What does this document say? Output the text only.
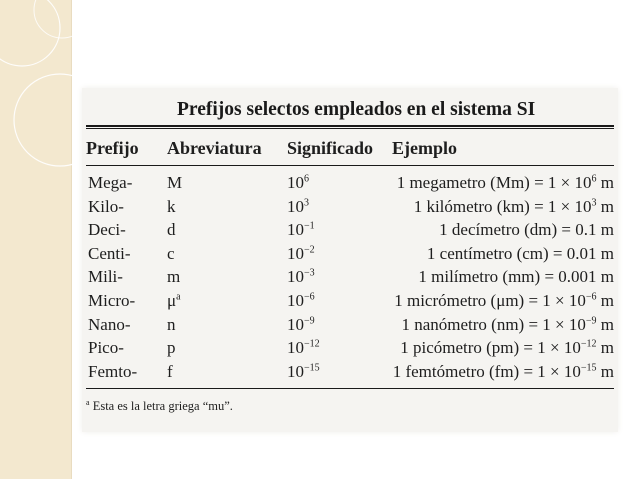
Prefijos selectos empleados en el sistema SI
Prefijo Abreviatura Significado Ejemplo
Mega- M	$10^6$	1 megametro $(Mm) = 1 \times 10^6$ m
Kilo-	k	$10^3$	1 kilómetro $(km) = 1 \times 10^3$ m
Deci- d	$10^{-1}$	1 decímetro (dm) = 0.1 m
Centi- c	$10^{-2}$	1 centímetro (cm) = 0.01 m
Mili-	m	$10^{-3}$	1 milímetro (mm) = 0.001 m
Micro- $\mu^a$	$10^{-6}$	1 micrómetro $(\mu m) = 1 \times 10^{-6}$ m
Nano- n	$10^{-9}$	1 nanómetro $(nm) = 1 \times 10^{-9}$ m
Pico-	p	$10^{-12}$	1 picómetro $(pm) = 1 \times 10^{-12}$ m
Femto- f	$10^{-15}$	1 femtómetro $(fm) = 1 \times 10^{-15}$ m
$^a$ Esta es la letra griega “mu”.
